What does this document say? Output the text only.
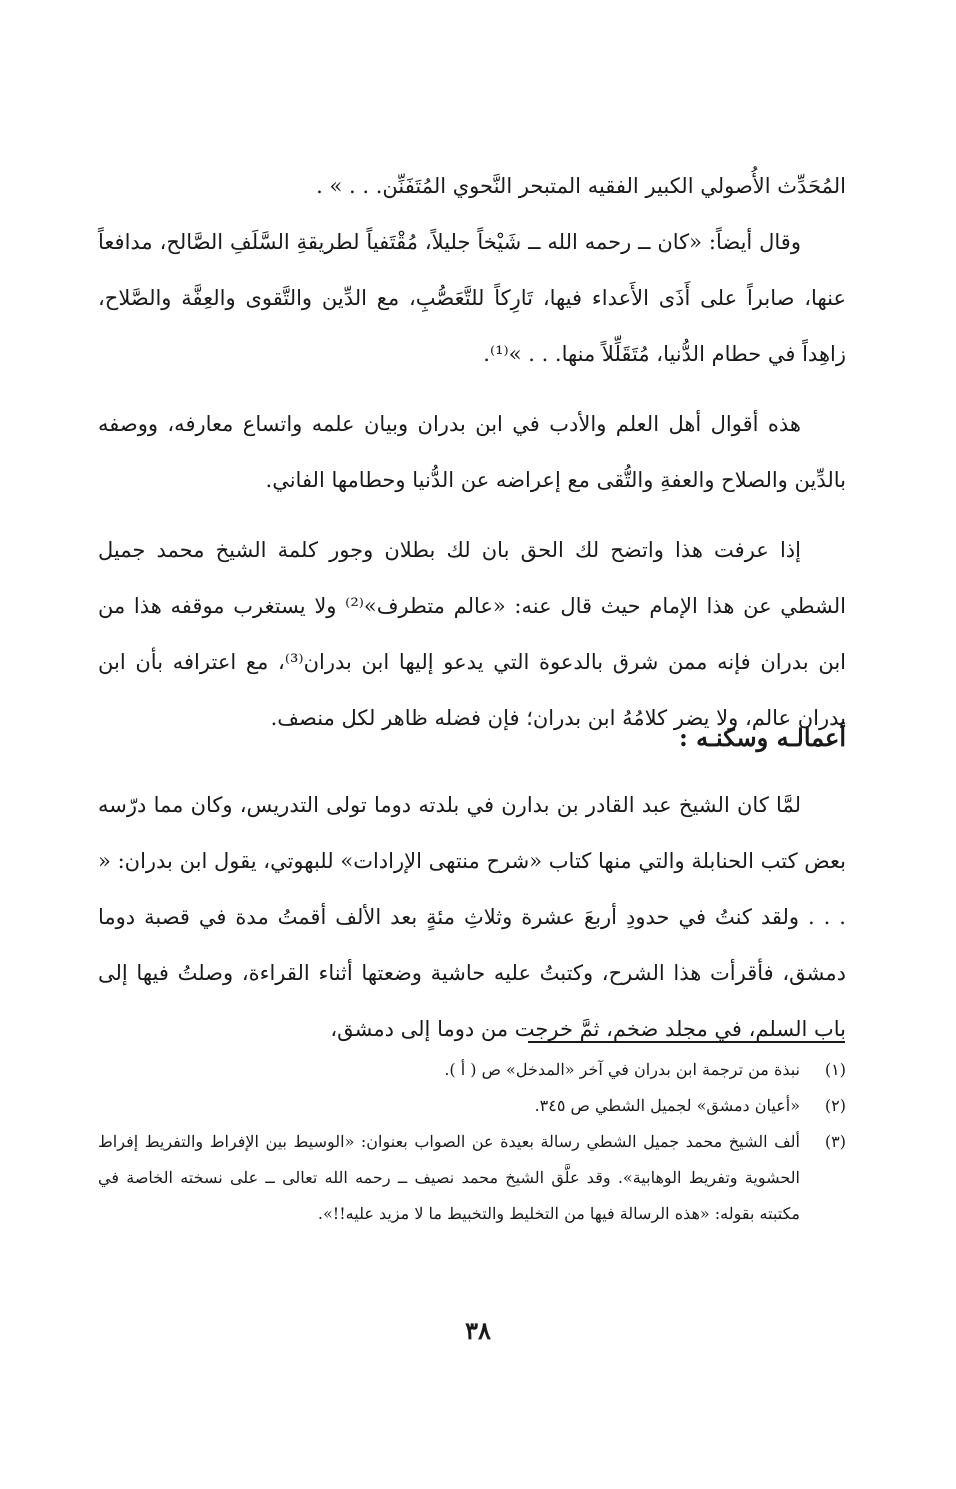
المُحَدِّث الأُصولي الكبير الفقيه المتبحر النَّحوي المُتَفَنِّن. . . » .

وقال أيضاً: «كان ــ رحمه الله ــ شَيْخاً جليلاً، مُقْتَفياً لطريقةِ السَّلَفِ الصَّالح، مدافعاً عنها، صابراً على أَذَى الأَعداء فيها، تَارِكاً للتَّعَصُّبِ، مع الدِّين والتَّقوى والعِفَّة والصَّلاح، زاهِداً في حطام الدُّنيا، مُتَقَلِّلاً منها. . . »⁽¹⁾.

هذه أقوال أهل العلم والأدب في ابن بدران وبيان علمه واتساع معارفه، ووصفه بالدِّين والصلاح والعفةِ والتُّقى مع إعراضه عن الدُّنيا وحطامها الفاني.

إذا عرفت هذا واتضح لك الحق بان لك بطلان وجور كلمة الشيخ محمد جميل الشطي عن هذا الإمام حيث قال عنه: «عالم متطرف»⁽²⁾ ولا يستغرب موقفه هذا من ابن بدران فإنه ممن شرق بالدعوة التي يدعو إليها ابن بدران⁽³⁾، مع اعترافه بأن ابن بدران عالم، ولا يضر كلامُهُ ابن بدران؛ فإن فضله ظاهر لكل منصف.

أعمالـه وسكنـه :

لمَّا كان الشيخ عبد القادر بن بدارن في بلدته دوما تولى التدريس، وكان مما درّسه بعض كتب الحنابلة والتي منها كتاب «شرح منتهى الإرادات» للبهوتي، يقول ابن بدران: « . . . ولقد كنتُ في حدودِ أربعَ عشرة وثلاثِ مئةٍ بعد الألف أقمتُ مدة في قصبة دوما دمشق، فأقرأت هذا الشرح، وكتبتُ عليه حاشية وضعتها أثناء القراءة، وصلتُ فيها إلى باب السلم، في مجلد ضخم، ثمَّ خرجت من دوما إلى دمشق،

(١)
نبذة من ترجمة ابن بدران في آخر «المدخل» ص ( أ ).
(٢)
«أعيان دمشق» لجميل الشطي ص ٣٤٥.
(٣)
ألف الشيخ محمد جميل الشطي رسالة بعيدة عن الصواب بعنوان: «الوسيط بين الإفراط والتفريط إفراط الحشوية وتفريط الوهابية». وقد علَّق الشيخ محمد نصيف ــ رحمه الله تعالى ــ على نسخته الخاصة في مكتبته بقوله: «هذه الرسالة فيها من التخليط والتخبيط ما لا مزيد عليه!!».
٣٨
